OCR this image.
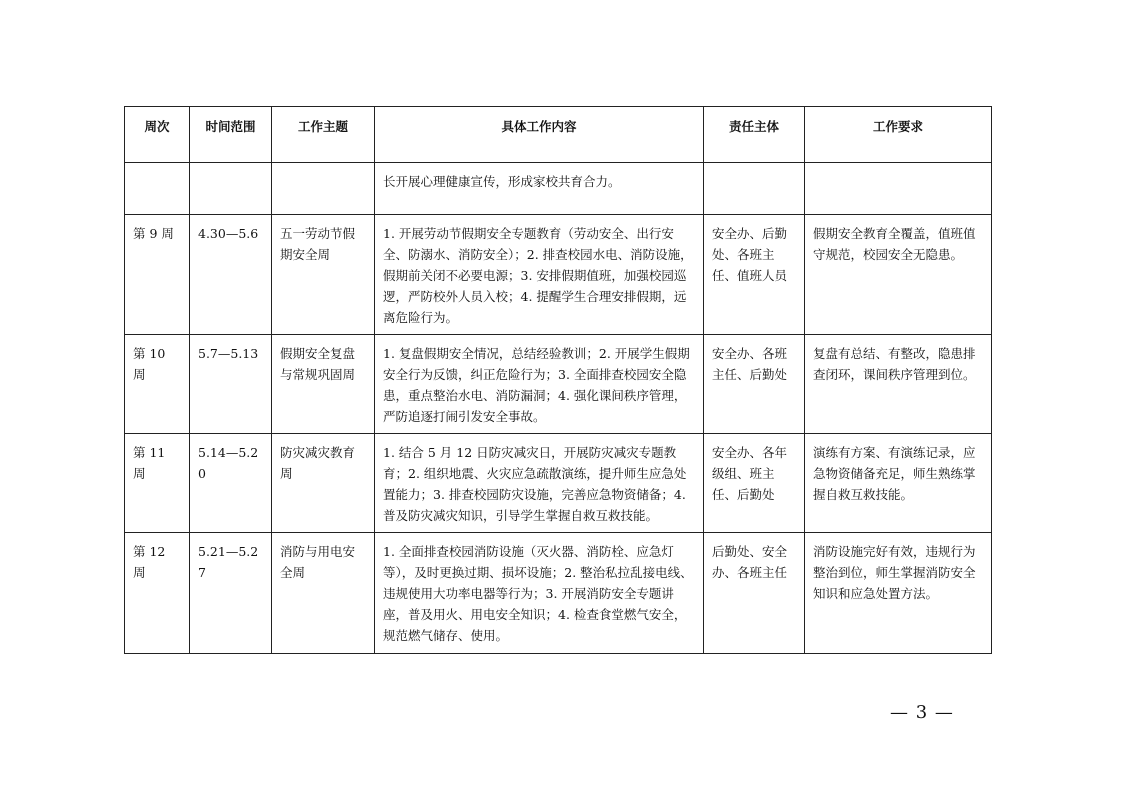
周次	时间范围	工作主题	具体工作内容	责任主体	工作要求
			长开展心理健康宣传，形成家校共育合力。		
第 9 周	4.30—5.6	五一劳动节假期安全周	1. 开展劳动节假期安全专题教育（劳动安全、出行安全、防溺水、消防安全）；2. 排查校园水电、消防设施，假期前关闭不必要电源；3. 安排假期值班，加强校园巡逻，严防校外人员入校；4. 提醒学生合理安排假期，远离危险行为。	安全办、后勤处、各班主任、值班人员	假期安全教育全覆盖，值班值守规范，校园安全无隐患。
第 10 周	5.7—5.13	假期安全复盘与常规巩固周	1. 复盘假期安全情况，总结经验教训；2. 开展学生假期安全行为反馈，纠正危险行为；3. 全面排查校园安全隐患，重点整治水电、消防漏洞；4. 强化课间秩序管理，严防追逐打闹引发安全事故。	安全办、各班主任、后勤处	复盘有总结、有整改，隐患排查闭环，课间秩序管理到位。
第 11 周	5.14—5.20	防灾减灾教育周	1. 结合 5 月 12 日防灾减灾日，开展防灾减灾专题教育；2. 组织地震、火灾应急疏散演练，提升师生应急处置能力；3. 排查校园防灾设施，完善应急物资储备；4. 普及防灾减灾知识，引导学生掌握自救互救技能。	安全办、各年级组、班主任、后勤处	演练有方案、有演练记录，应急物资储备充足，师生熟练掌握自救互救技能。
第 12 周	5.21—5.27	消防与用电安全周	1. 全面排查校园消防设施（灭火器、消防栓、应急灯等），及时更换过期、损坏设施；2. 整治私拉乱接电线、违规使用大功率电器等行为；3. 开展消防安全专题讲座，普及用火、用电安全知识；4. 检查食堂燃气安全，规范燃气储存、使用。	后勤处、安全办、各班主任	消防设施完好有效，违规行为整治到位，师生掌握消防安全知识和应急处置方法。
— 3 —
